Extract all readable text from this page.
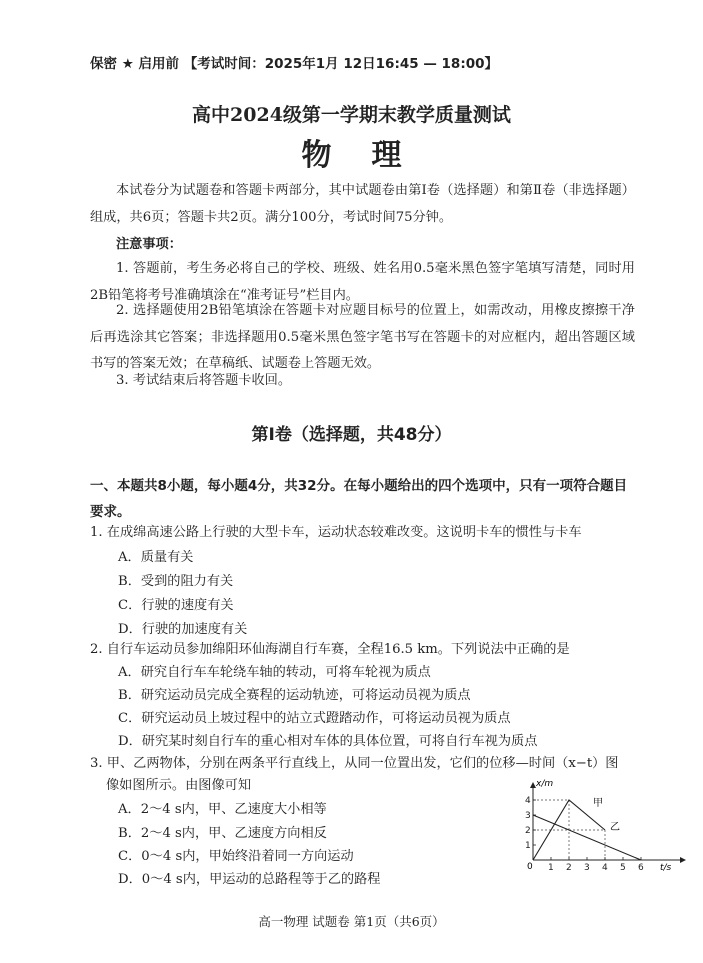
保密 ★ 启用前 【考试时间：2025年1月 12日16:45 — 18:00】
高中2024级第一学期末教学质量测试
物理
本试卷分为试题卷和答题卡两部分，其中试题卷由第Ⅰ卷（选择题）和第Ⅱ卷（非选择题）组成，共6页；答题卡共2页。满分100分，考试时间75分钟。
注意事项：
1. 答题前，考生务必将自己的学校、班级、姓名用0.5毫米黑色签字笔填写清楚，同时用2B铅笔将考号准确填涂在“准考证号”栏目内。
2. 选择题使用2B铅笔填涂在答题卡对应题目标号的位置上，如需改动，用橡皮擦擦干净后再选涂其它答案；非选择题用0.5毫米黑色签字笔书写在答题卡的对应框内，超出答题区域书写的答案无效；在草稿纸、试题卷上答题无效。
3. 考试结束后将答题卡收回。
第Ⅰ卷（选择题，共48分）
一、本题共8小题，每小题4分，共32分。在每小题给出的四个选项中，只有一项符合题目要求。
1. 在成绵高速公路上行驶的大型卡车，运动状态较难改变。这说明卡车的惯性与卡车
A．质量有关
B．受到的阻力有关
C．行驶的速度有关
D．行驶的加速度有关
2. 自行车运动员参加绵阳环仙海湖自行车赛，全程16.5 km。下列说法中正确的是
A．研究自行车车轮绕车轴的转动，可将车轮视为质点
B．研究运动员完成全赛程的运动轨迹，可将运动员视为质点
C．研究运动员上坡过程中的站立式蹬踏动作，可将运动员视为质点
D．研究某时刻自行车的重心相对车体的具体位置，可将自行车视为质点
3. 甲、乙两物体，分别在两条平行直线上，从同一位置出发，它们的位移—时间（x−t）图
像如图所示。由图像可知
A．2～4 s内，甲、乙速度大小相等
B．2～4 s内，甲、乙速度方向相反
C．0～4 s内，甲始终沿着同一方向运动
D．0～4 s内，甲运动的总路程等于乙的路程
1
2
3
4
1 2 3 4 5 6
x/m
t/s
0
甲
乙
高一物理 试题卷 第1页（共6页）
